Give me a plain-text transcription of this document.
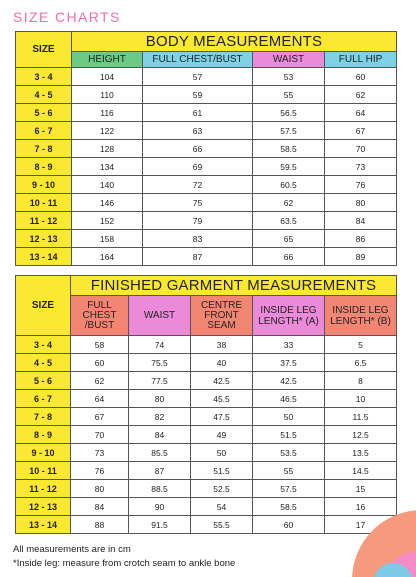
SIZE CHARTS
SIZE	BODY MEASUREMENTS			
	HEIGHT	FULL CHEST/BUST	WAIST	FULL HIP
3 - 4	104	57	53	60
4 - 5	110	59	55	62
5 - 6	116	61	56.5	64
6 - 7	122	63	57.5	67
7 - 8	128	66	58.5	70
8 - 9	134	69	59.5	73
9 - 10	140	72	60.5	76
10 - 11	146	75	62	80
11 - 12	152	79	63.5	84
12 - 13	158	83	65	86
13 - 14	164	87	66	89
SIZE	FINISHED GARMENT MEASUREMENTS				
	FULL CHEST /BUST	WAIST	CENTRE FRONT SEAM	INSIDE LEG LENGTH* (A)	INSIDE LEG LENGTH* (B)
3 - 4	58	74	38	33	5
4 - 5	60	75.5	40	37.5	6.5
5 - 6	62	77.5	42.5	42.5	8
6 - 7	64	80	45.5	46.5	10
7 - 8	67	82	47.5	50	11.5
8 - 9	70	84	49	51.5	12.5
9 - 10	73	85.5	50	53.5	13.5
10 - 11	76	87	51.5	55	14.5
11 - 12	80	88.5	52.5	57.5	15
12 - 13	84	90	54	58.5	16
13 - 14	88	91.5	55.5	60	17
All measurements are in cm
*Inside leg: measure from crotch seam to ankle bone
